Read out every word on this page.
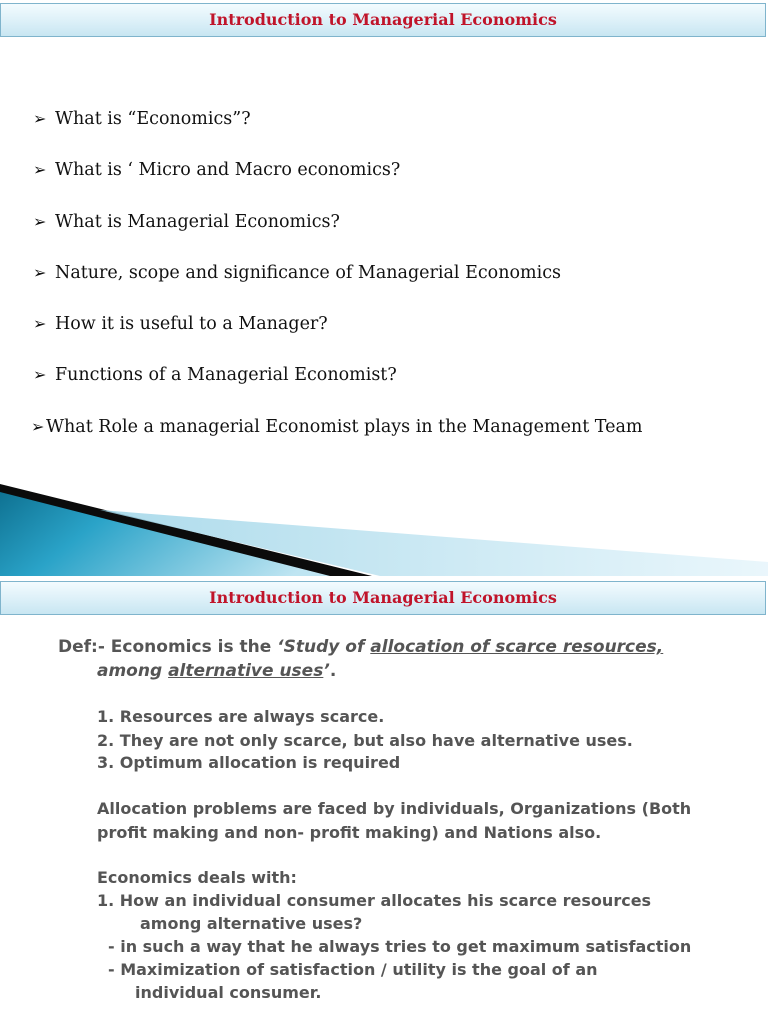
Introduction to Managerial Economics
➢ What is “Economics”?
➢ What is ‘ Micro and Macro economics?
➢ What is Managerial Economics?
➢ Nature, scope and significance of Managerial Economics
➢ How it is useful to a Manager?
➢ Functions of a Managerial Economist?
➢What Role a managerial Economist plays in the Management Team
Introduction to Managerial Economics
Def:- Economics is the ‘Study of allocation of scarce resources,
among alternative uses’.
1. Resources are always scarce.
2. They are not only scarce, but also have alternative uses.
3. Optimum allocation is required
Allocation problems are faced by individuals, Organizations (Both
profit making and non- profit making) and Nations also.
Economics deals with:
1. How an individual consumer allocates his scarce resources
among alternative uses?
- in such a way that he always tries to get maximum satisfaction
- Maximization of satisfaction / utility is the goal of an
individual consumer.
